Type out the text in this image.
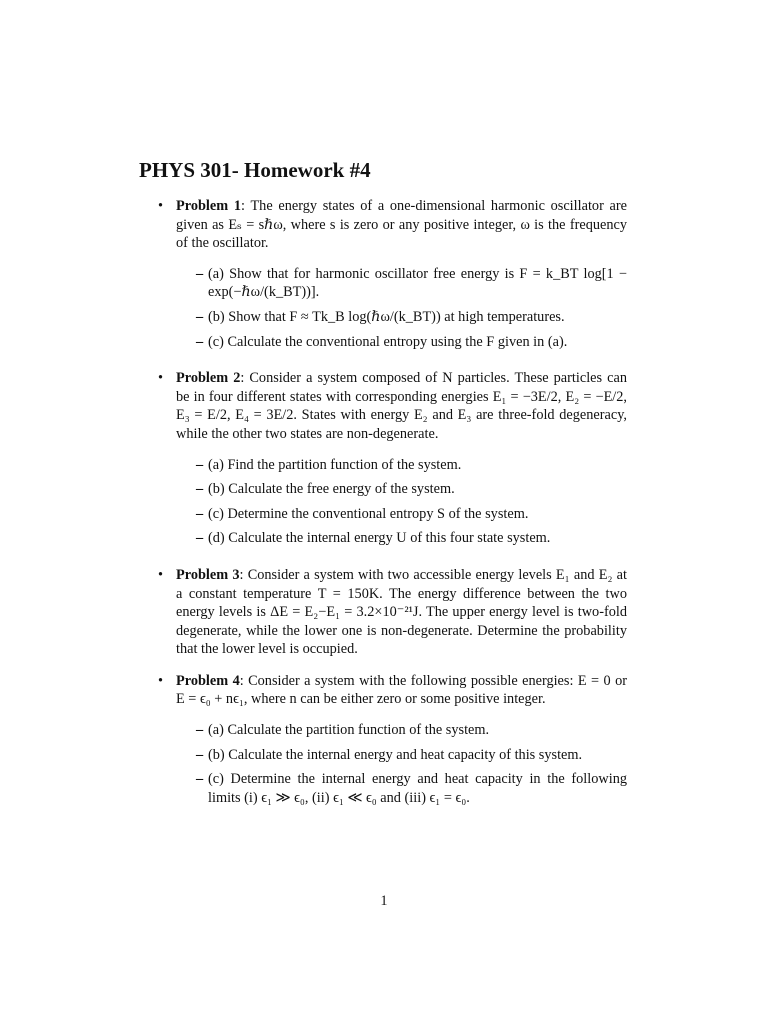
PHYS 301- Homework #4
• Problem 1: The energy states of a one-dimensional harmonic oscillator are given as Eₛ = sℏω, where s is zero or any positive integer, ω is the frequency of the oscillator.
– (a) Show that for harmonic oscillator free energy is F = k_BT log[1 − exp(−ℏω/(k_BT))].
– (b) Show that F ≈ Tk_B log(ℏω/(k_BT)) at high temperatures.
– (c) Calculate the conventional entropy using the F given in (a).
• Problem 2: Consider a system composed of N particles. These particles can be in four different states with corresponding energies E₁ = −3E/2, E₂ = −E/2, E₃ = E/2, E₄ = 3E/2. States with energy E₂ and E₃ are three-fold degeneracy, while the other two states are non-degenerate.
– (a) Find the partition function of the system.
– (b) Calculate the free energy of the system.
– (c) Determine the conventional entropy S of the system.
– (d) Calculate the internal energy U of this four state system.
• Problem 3: Consider a system with two accessible energy levels E₁ and E₂ at a constant temperature T = 150K. The energy difference between the two energy levels is ΔE = E₂−E₁ = 3.2×10⁻²¹J. The upper energy level is two-fold degenerate, while the lower one is non-degenerate. Determine the probability that the lower level is occupied.
• Problem 4: Consider a system with the following possible energies: E = 0 or E = ϵ₀ + nϵ₁, where n can be either zero or some positive integer.
– (a) Calculate the partition function of the system.
– (b) Calculate the internal energy and heat capacity of this system.
– (c) Determine the internal energy and heat capacity in the following limits (i) ϵ₁ ≫ ϵ₀, (ii) ϵ₁ ≪ ϵ₀ and (iii) ϵ₁ = ϵ₀.
1
